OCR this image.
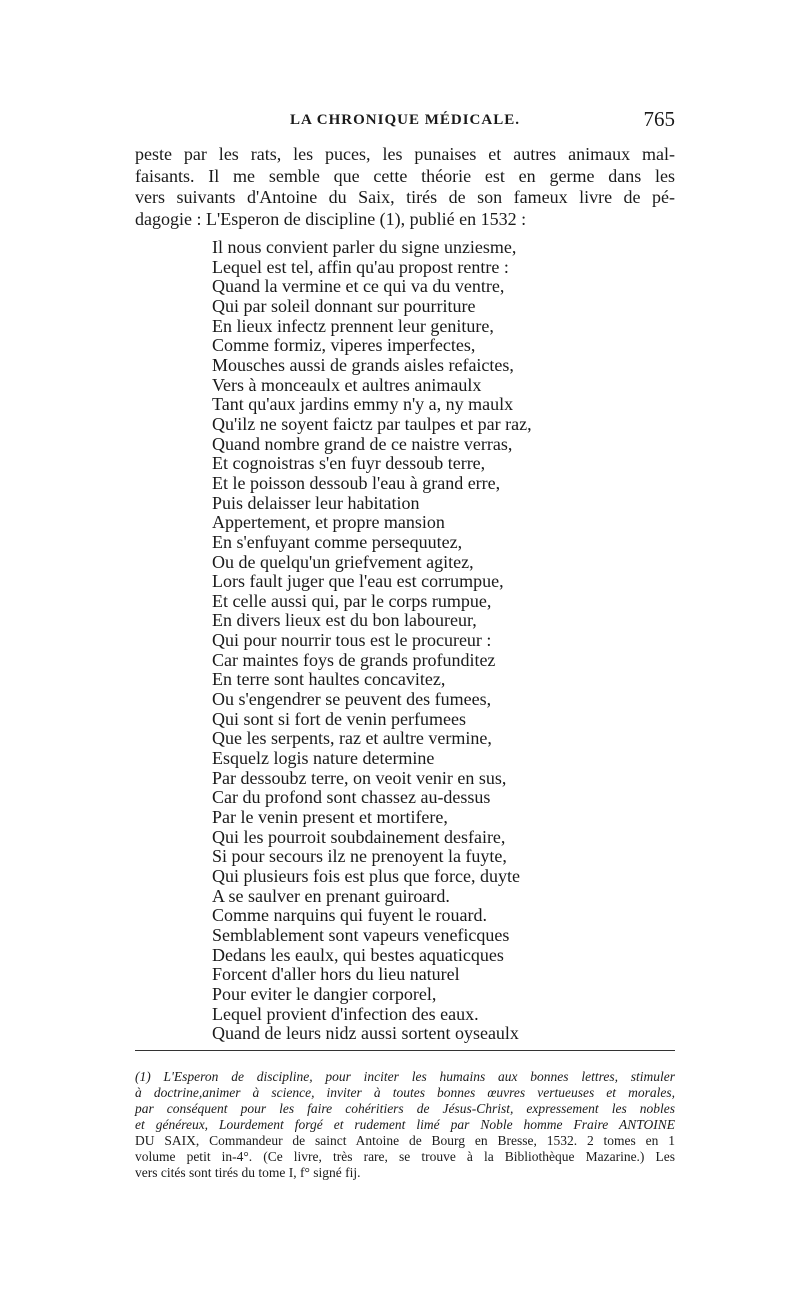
LA CHRONIQUE MÉDICALE.	765
peste par les rats, les puces, les punaises et autres animaux mal-
faisants. Il me semble que cette théorie est en germe dans les
vers suivants d'Antoine du Saix, tirés de son fameux livre de pé-
dagogie : L'Esperon de discipline (1), publié en 1532 :
Il nous convient parler du signe unziesme,
Lequel est tel, affin qu'au propost rentre :
Quand la vermine et ce qui va du ventre,
Qui par soleil donnant sur pourriture
En lieux infectz prennent leur geniture,
Comme formiz, viperes imperfectes,
Mousches aussi de grands aisles refaictes,
Vers à monceaulx et aultres animaulx
Tant qu'aux jardins emmy n'y a, ny maulx
Qu'ilz ne soyent faictz par taulpes et par raz,
Quand nombre grand de ce naistre verras,
Et cognoistras s'en fuyr dessoub terre,
Et le poisson dessoub l'eau à grand erre,
Puis delaisser leur habitation
Appertement, et propre mansion
En s'enfuyant comme persequutez,
Ou de quelqu'un griefvement agitez,
Lors fault juger que l'eau est corrumpue,
Et celle aussi qui, par le corps rumpue,
En divers lieux est du bon laboureur,
Qui pour nourrir tous est le procureur :
Car maintes foys de grands profunditez
En terre sont haultes concavitez,
Ou s'engendrer se peuvent des fumees,
Qui sont si fort de venin perfumees
Que les serpents, raz et aultre vermine,
Esquelz logis nature determine
Par dessoubz terre, on veoit venir en sus,
Car du profond sont chassez au-dessus
Par le venin present et mortifere,
Qui les pourroit soubdainement desfaire,
Si pour secours ilz ne prenoyent la fuyte,
Qui plusieurs fois est plus que force, duyte
A se saulver en prenant guiroard.
Comme narquins qui fuyent le rouard.
Semblablement sont vapeurs veneficques
Dedans les eaulx, qui bestes aquaticques
Forcent d'aller hors du lieu naturel
Pour eviter le dangier corporel,
Lequel provient d'infection des eaux.
Quand de leurs nidz aussi sortent oyseaulx
(1) L'Esperon de discipline, pour inciter les humains aux bonnes lettres, stimuler
à doctrine,animer à science, inviter à toutes bonnes œuvres vertueuses et morales,
par conséquent pour les faire cohéritiers de Jésus-Christ, expressement les nobles
et généreux, Lourdement forgé et rudement limé par Noble homme Fraire ANTOINE
DU SAIX, Commandeur de sainct Antoine de Bourg en Bresse, 1532. 2 tomes en 1
volume petit in-4°. (Ce livre, très rare, se trouve à la Bibliothèque Mazarine.) Les
vers cités sont tirés du tome I, f° signé fij.
